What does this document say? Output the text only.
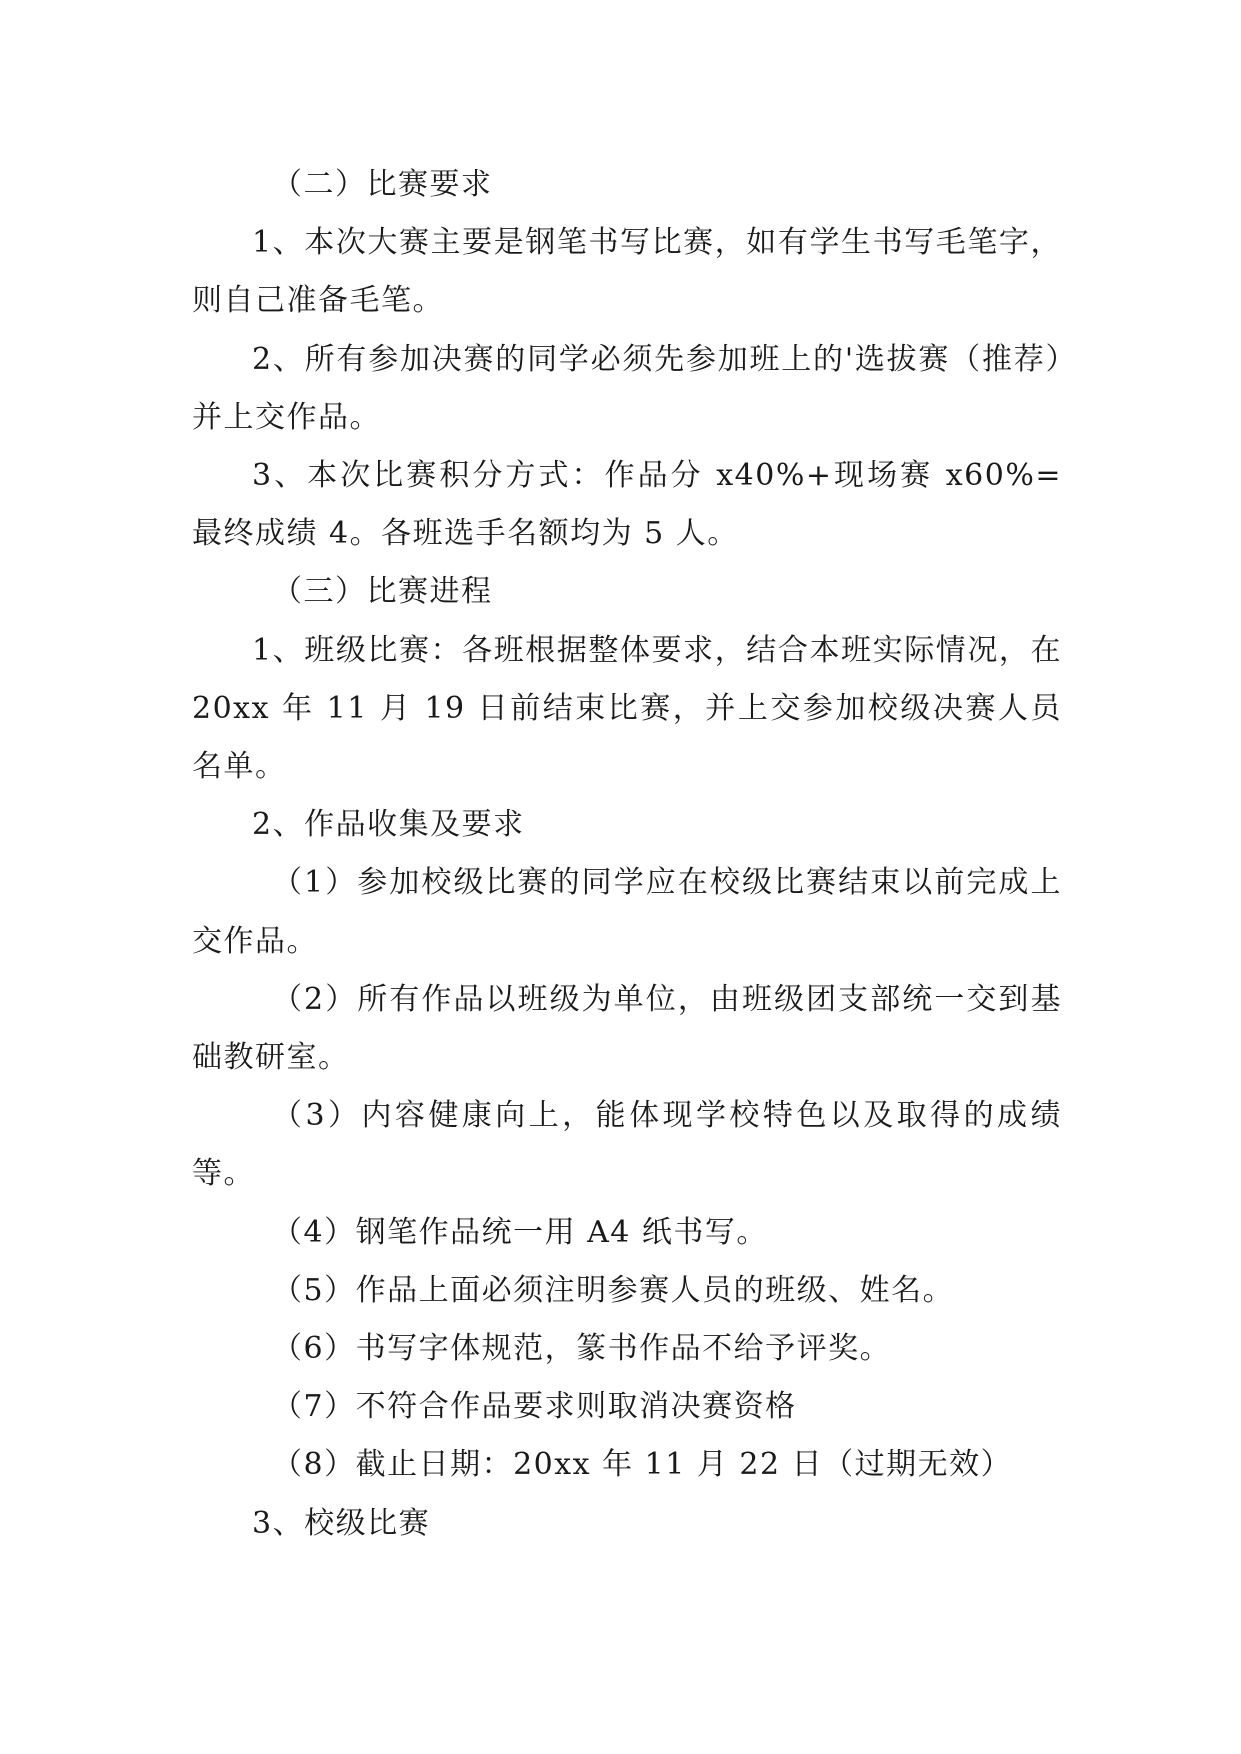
（二）比赛要求

1、本次大赛主要是钢笔书写比赛，如有学生书写毛笔字，则自己准备毛笔。

2、所有参加决赛的同学必须先参加班上的'选拔赛（推荐）并上交作品。

3、本次比赛积分方式：作品分 x40%+现场赛 x60%=最终成绩 4。各班选手名额均为 5 人。

（三）比赛进程

1、班级比赛：各班根据整体要求，结合本班实际情况，在 20xx 年 11 月 19 日前结束比赛，并上交参加校级决赛人员名单。

2、作品收集及要求

（1）参加校级比赛的同学应在校级比赛结束以前完成上交作品。

（2）所有作品以班级为单位，由班级团支部统一交到基础教研室。

（3）内容健康向上，能体现学校特色以及取得的成绩等。

（4）钢笔作品统一用 A4 纸书写。

（5）作品上面必须注明参赛人员的班级、姓名。

（6）书写字体规范，篆书作品不给予评奖。

（7）不符合作品要求则取消决赛资格

（8）截止日期：20xx 年 11 月 22 日（过期无效）

3、校级比赛
